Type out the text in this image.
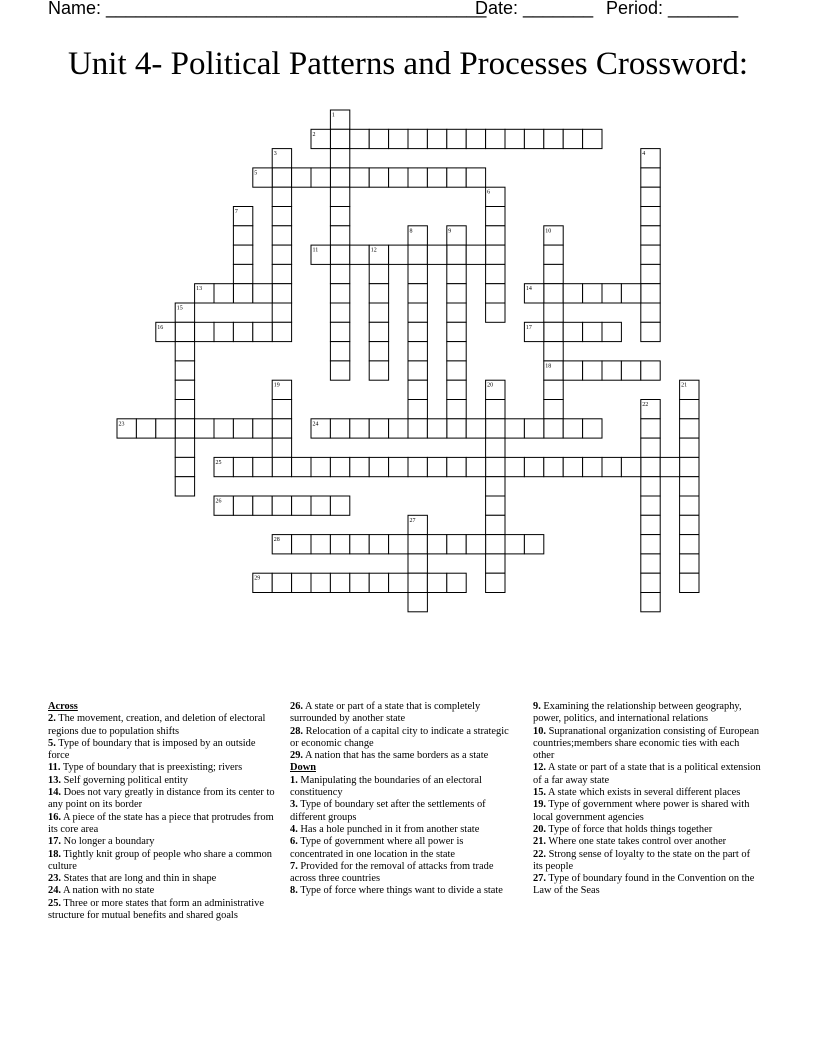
Name: ______________________________________
Date: _______ Period: _______
Unit 4- Political Patterns and Processes Crossword:
1
2
3	4
5
6
7
8	9	10
11	12
13	14
15
16	17
18
19	20	21
22
23	24
25
26
27
28
29
Across
2. The movement, creation, and deletion of electoral regions due to population shifts
5. Type of boundary that is imposed by an outside force
11. Type of boundary that is preexisting; rivers
13. Self governing political entity
14. Does not vary greatly in distance from its center to any point on its border
16. A piece of the state has a piece that protrudes from its core area
17. No longer a boundary
18. Tightly knit group of people who share a common culture
23. States that are long and thin in shape
24. A nation with no state
25. Three or more states that form an administrative structure for mutual benefits and shared goals
26. A state or part of a state that is completely surrounded by another state
28. Relocation of a capital city to indicate a strategic or economic change
29. A nation that has the same borders as a state
Down
1. Manipulating the boundaries of an electoral constituency
3. Type of boundary set after the settlements of different groups
4. Has a hole punched in it from another state
6. Type of government where all power is concentrated in one location in the state
7. Provided for the removal of attacks from trade across three countries
8. Type of force where things want to divide a state
9. Examining the relationship between geography, power, politics, and international relations
10. Supranational organization consisting of European countries;members share economic ties with each other
12. A state or part of a state that is a political extension of a far away state
15. A state which exists in several different places
19. Type of government where power is shared with local government agencies
20. Type of force that holds things together
21. Where one state takes control over another
22. Strong sense of loyalty to the state on the part of its people
27. Type of boundary found in the Convention on the Law of the Seas
